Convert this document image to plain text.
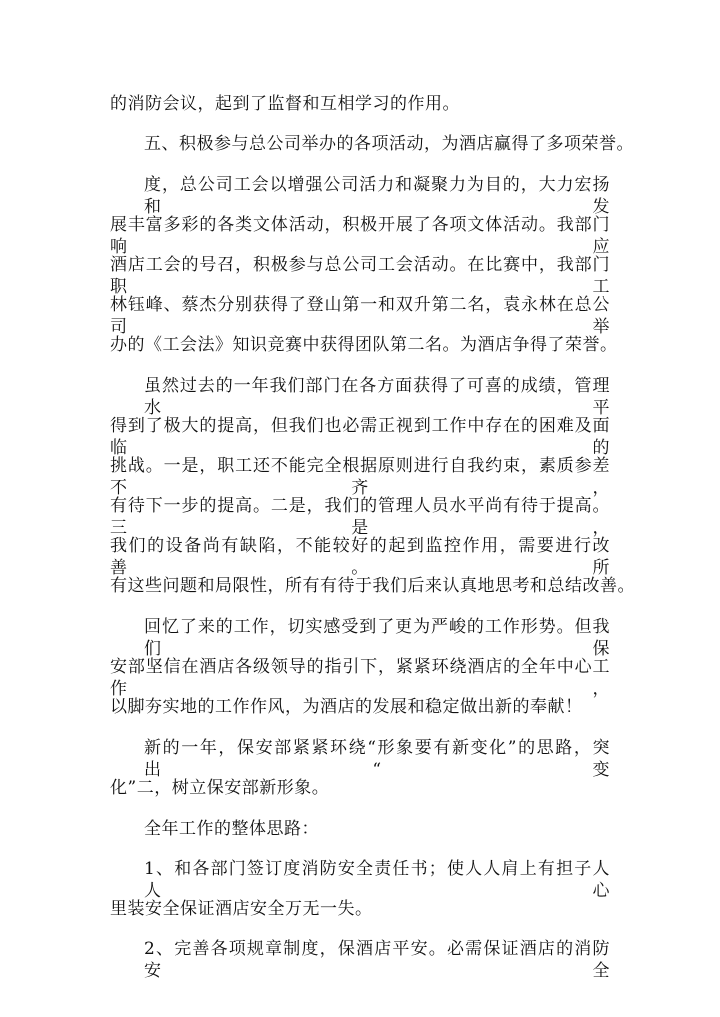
的消防会议，起到了监督和互相学习的作用。
五、积极参与总公司举办的各项活动，为酒店赢得了多项荣誉。
度，总公司工会以增强公司活力和凝聚力为目的，大力宏扬和发
展丰富多彩的各类文体活动，积极开展了各项文体活动。我部门响应
酒店工会的号召，积极参与总公司工会活动。在比赛中，我部门职工
林钰峰、蔡杰分别获得了登山第一和双升第二名，袁永林在总公司举
办的《工会法》知识竞赛中获得团队第二名。为酒店争得了荣誉。
虽然过去的一年我们部门在各方面获得了可喜的成绩，管理水平
得到了极大的提高，但我们也必需正视到工作中存在的困难及面临的
挑战。一是，职工还不能完全根据原则进行自我约束，素质参差不齐，
有待下一步的提高。二是，我们的管理人员水平尚有待于提高。三是，
我们的设备尚有缺陷，不能较好的起到监控作用，需要进行改善。所
有这些问题和局限性，所有有待于我们后来认真地思考和总结改善。
回忆了来的工作，切实感受到了更为严峻的工作形势。但我们保
安部坚信在酒店各级领导的指引下，紧紧环绕酒店的全年中心工作，
以脚夯实地的工作作风，为酒店的发展和稳定做出新的奉献！
新的一年，保安部紧紧环绕“形象要有新变化”的思路，突出“变
化”二，树立保安部新形象。
全年工作的整体思路：
1、和各部门签订度消防安全责任书；使人人肩上有担子人人心
里装安全保证酒店安全万无一失。
2、完善各项规章制度，保酒店平安。必需保证酒店的消防安全
